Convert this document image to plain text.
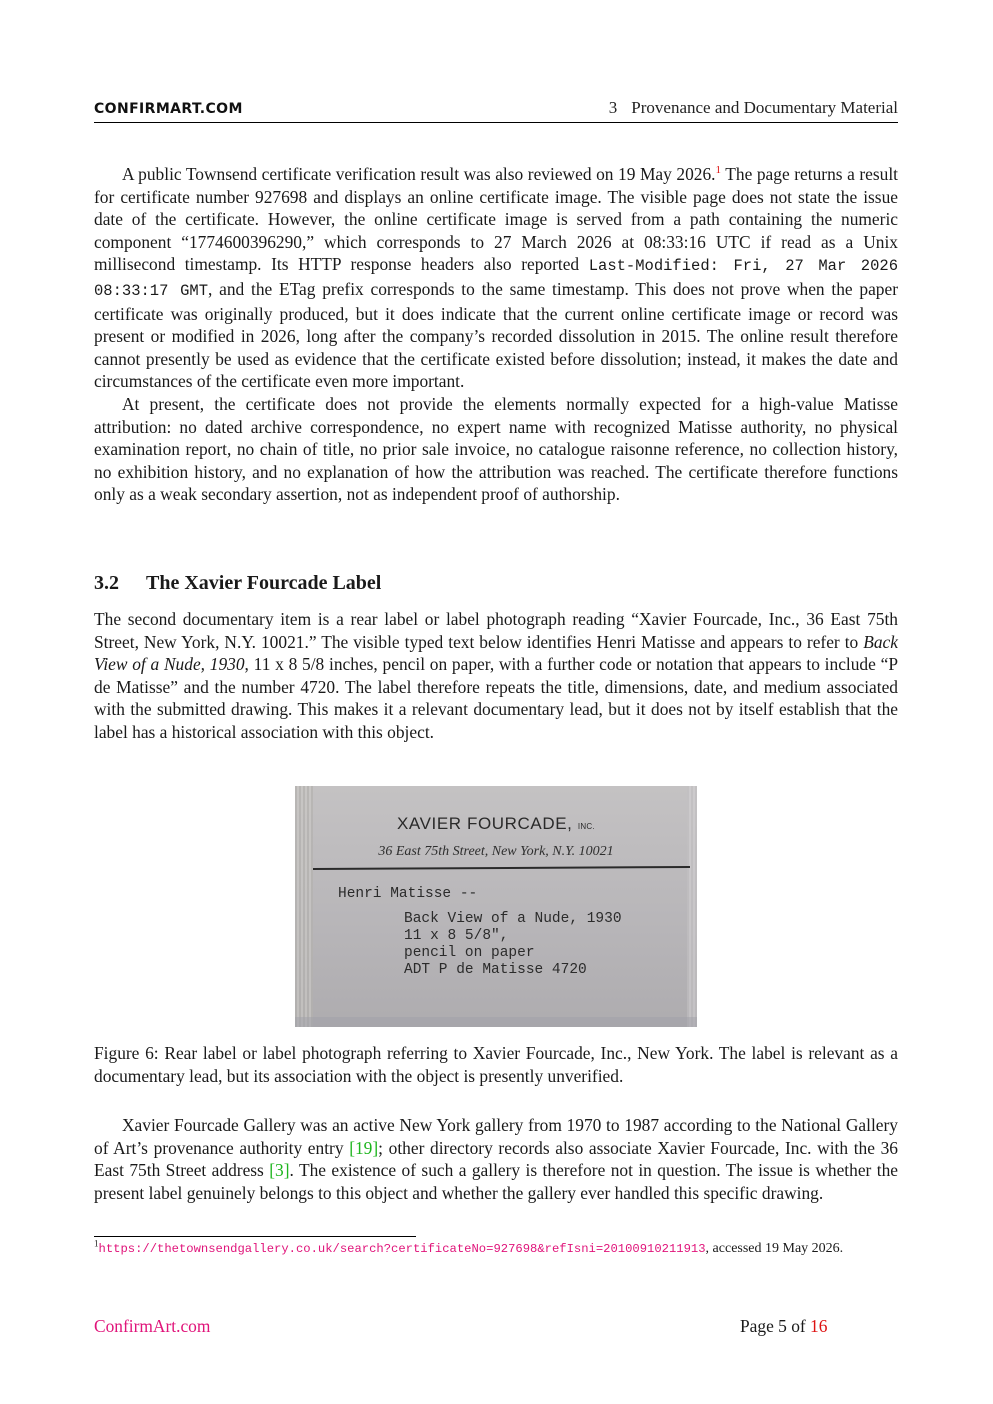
CONFIRMART.COM	3 Provenance and Documentary Material

A public Townsend certificate verification result was also reviewed on 19 May 2026.$^1$ The page returns a result for certificate number 927698 and displays an online certificate image. The visible page does not state the issue date of the certificate. However, the online certificate image is served from a path containing the numeric component “1774600396290,” which corresponds to 27 March 2026 at 08:33:16 UTC if read as a Unix millisecond timestamp. Its HTTP response headers also reported Last-Modified: Fri, 27 Mar 2026 08:33:17 GMT, and the ETag prefix corresponds to the same timestamp. This does not prove when the paper certificate was originally produced, but it does indicate that the current online certificate image or record was present or modified in 2026, long after the company’s recorded dissolution in 2015. The online result therefore cannot presently be used as evidence that the certificate existed before dissolution; instead, it makes the date and circumstances of the certificate even more important.

At present, the certificate does not provide the elements normally expected for a high-value Matisse attribution: no dated archive correspondence, no expert name with recognized Matisse authority, no physical examination report, no chain of title, no prior sale invoice, no catalogue raisonne reference, no collection history, no exhibition history, and no explanation of how the attribution was reached. The certificate therefore functions only as a weak secondary assertion, not as independent proof of authorship.

3.2 The Xavier Fourcade Label

The second documentary item is a rear label or label photograph reading “Xavier Fourcade, Inc., 36 East 75th Street, New York, N.Y. 10021.” The visible typed text below identifies Henri Matisse and appears to refer to Back View of a Nude, 1930, 11 x 8 5/8 inches, pencil on paper, with a further code or notation that appears to include “P de Matisse” and the number 4720. The label therefore repeats the title, dimensions, date, and medium associated with the submitted drawing. This makes it a relevant documentary lead, but it does not by itself establish that the label has a historical association with this object.

XAVIER FOURCADE, INC.
36 East 75th Street, New York, N.Y. 10021
Henri Matisse --
Back View of a Nude, 1930
11 x 8 5/8",
pencil on paper
ADT P de Matisse 4720
Figure 6: Rear label or label photograph referring to Xavier Fourcade, Inc., New York. The label is relevant as a documentary lead, but its association with the object is presently unverified.

Xavier Fourcade Gallery was an active New York gallery from 1970 to 1987 according to the National Gallery of Art’s provenance authority entry [19]; other directory records also associate Xavier Fourcade, Inc. with the 36 East 75th Street address [3]. The existence of such a gallery is therefore not in question. The issue is whether the present label genuinely belongs to this object and whether the gallery ever handled this specific drawing.

$^1$https://thetownsendgallery.co.uk/search?certificateNo=927698&refIsni=20100910211913, accessed 19 May 2026.
ConfirmArt.com	Page 5 of 16
